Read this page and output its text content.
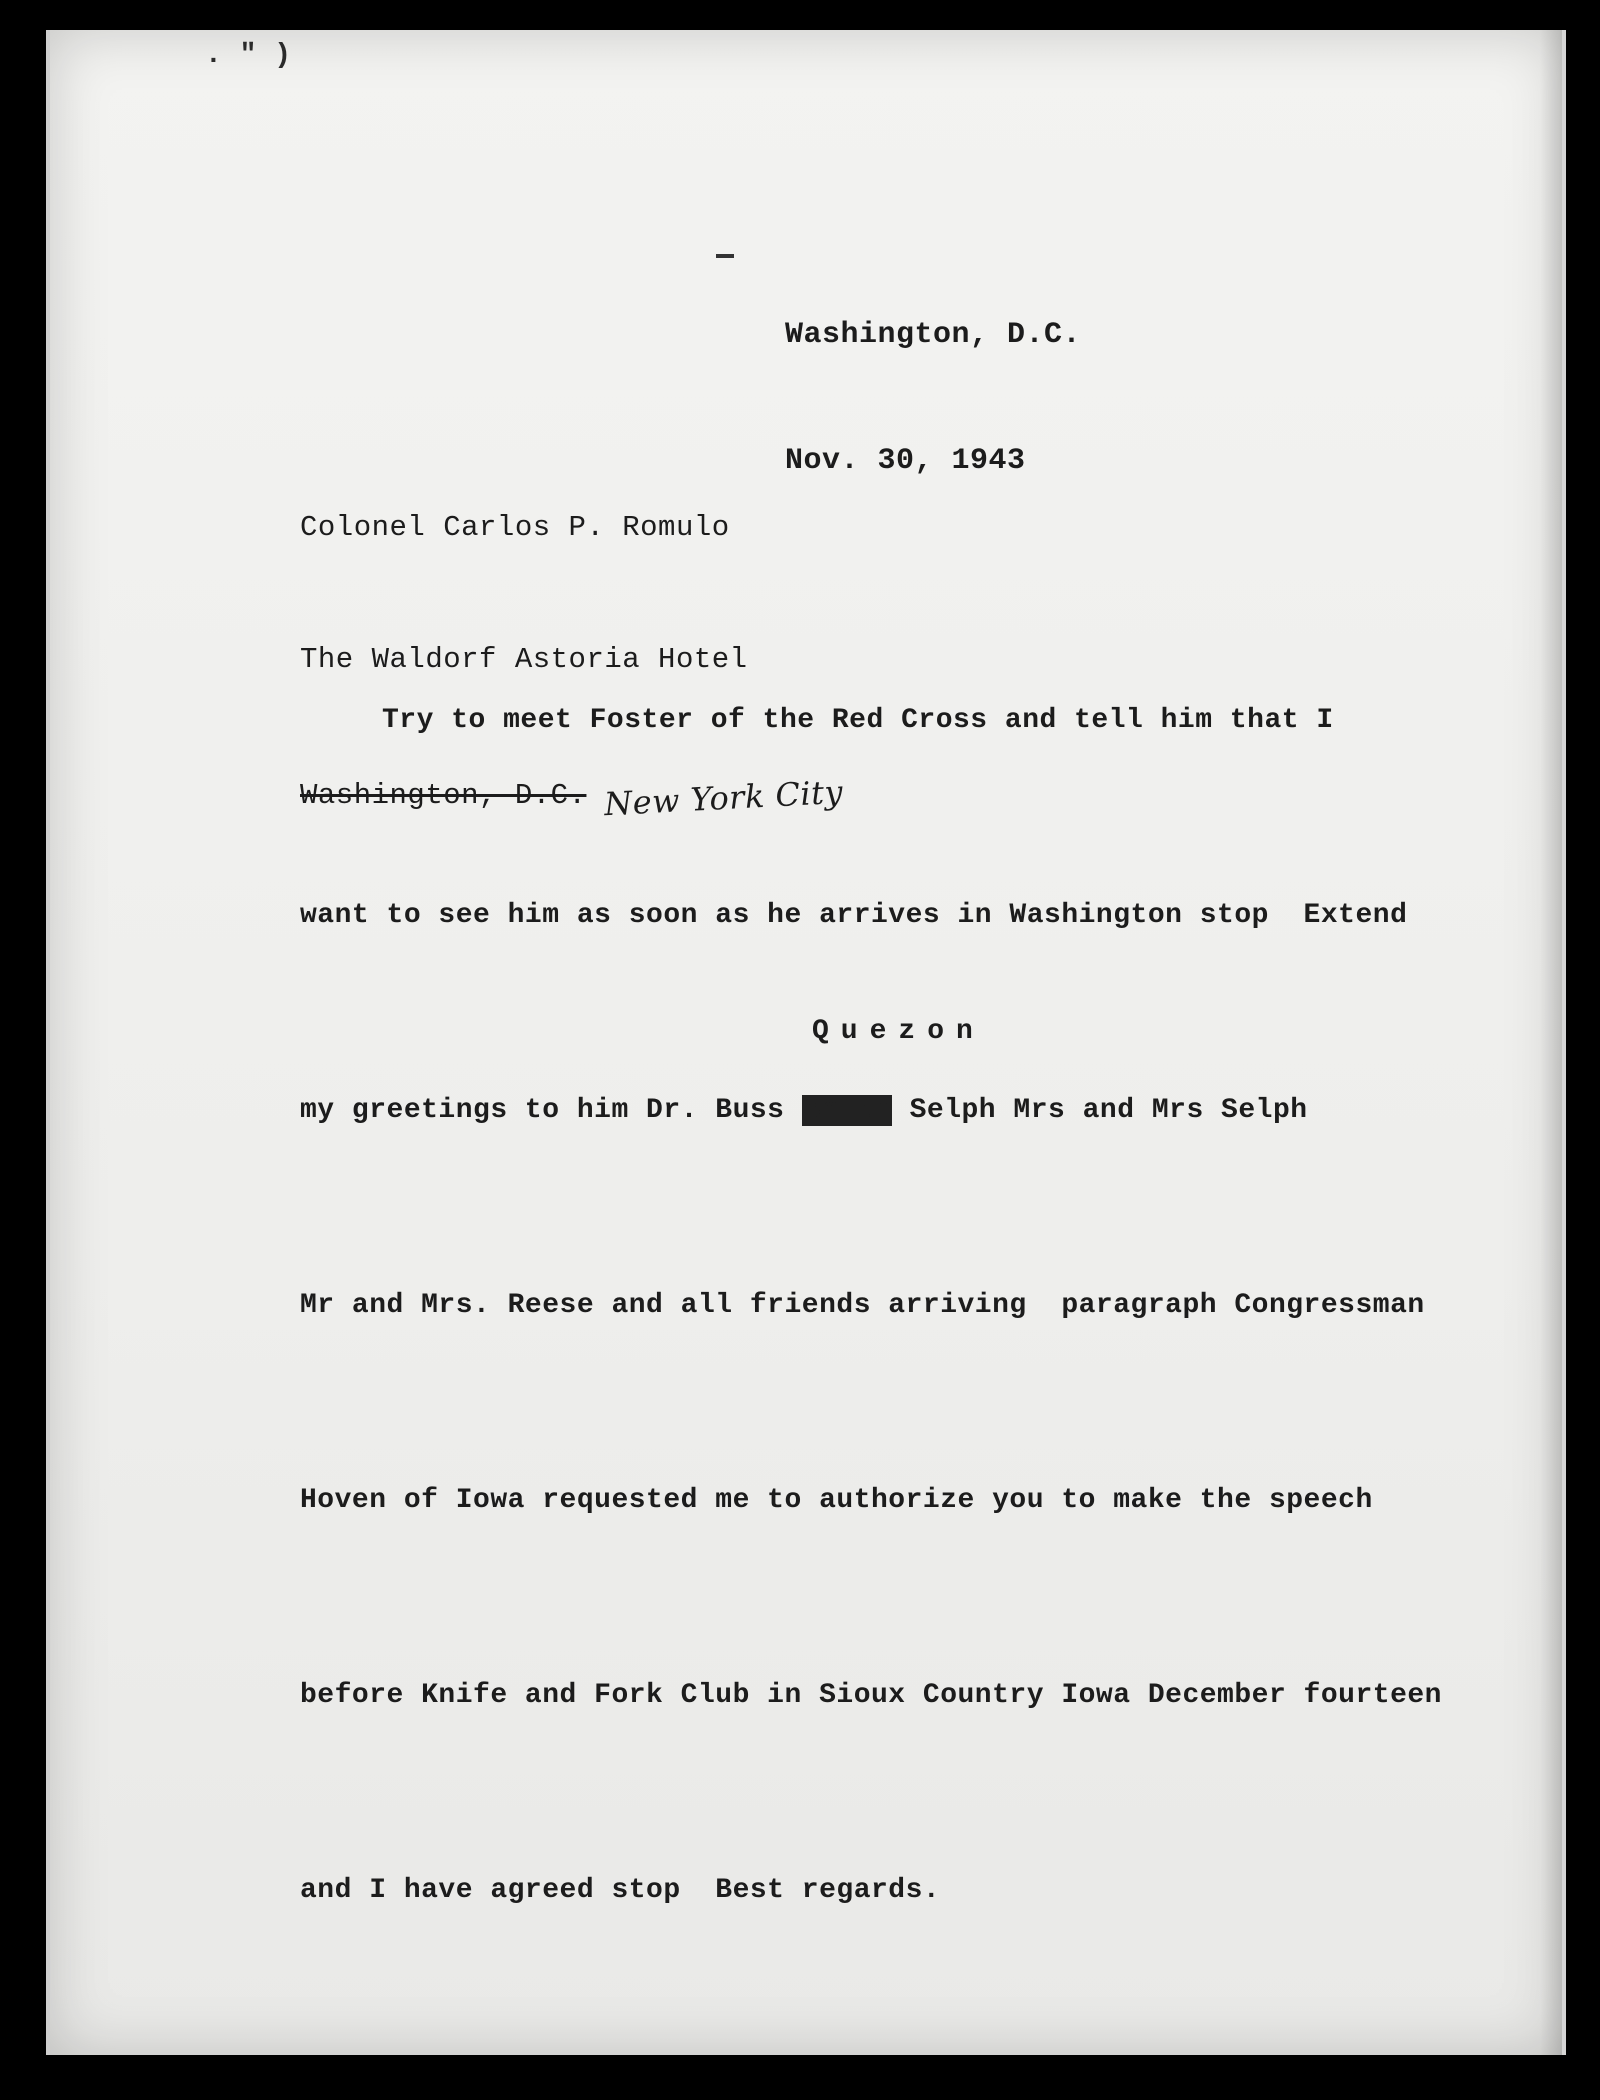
. " )

Washington, D.C.

Nov. 30, 1943

Colonel Carlos P. Romulo

The Waldorf Astoria Hotel

Washington, D.C. New York City

Try to meet Foster of the Red Cross and tell him that I

want to see him as soon as he arrives in Washington stop  Extend

my greetings to him Dr. Buss Smith Selph Mrs and Mrs Selph

Mr and Mrs. Reese and all friends arriving  paragraph Congressman

Hoven of Iowa requested me to authorize you to make the speech

before Knife and Fork Club in Sioux Country Iowa December fourteen

and I have agreed stop  Best regards.

Quezon
